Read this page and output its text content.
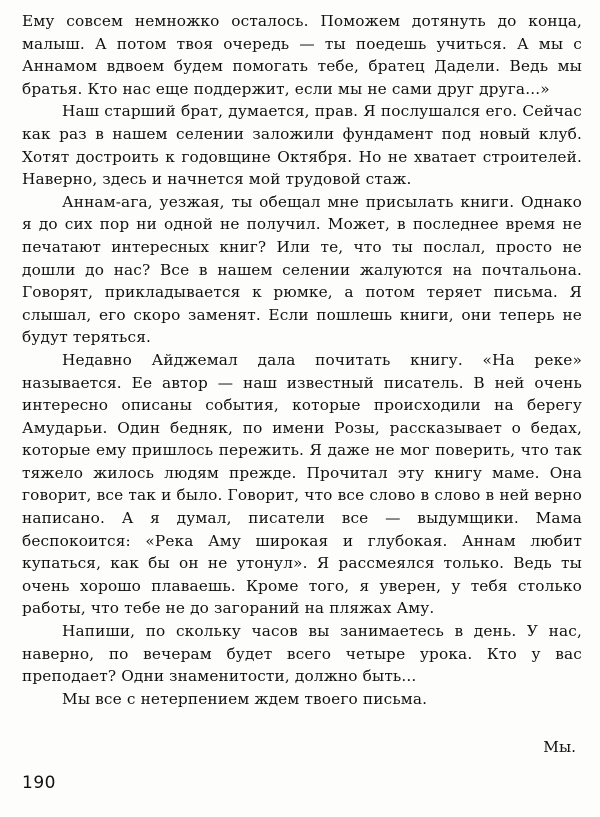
Ему совсем немножко осталось. Поможем дотянуть до конца, малыш. А потом твоя очередь — ты поедешь учиться. А мы с Аннамом вдвоем будем помогать тебе, братец Дадели. Ведь мы братья. Кто нас еще поддержит, если мы не сами друг друга...»

Наш старший брат, думается, прав. Я послушался его. Сейчас как раз в нашем селении заложили фундамент под новый клуб. Хотят достроить к годовщине Октября. Но не хватает строителей. Наверно, здесь и начнется мой трудовой стаж.

Аннам-ага, уезжая, ты обещал мне присылать книги. Однако я до сих пор ни одной не получил. Может, в последнее время не печатают интересных книг? Или те, что ты послал, просто не дошли до нас? Все в нашем селении жалуются на почтальона. Говорят, прикладывается к рюмке, а потом теряет письма. Я слышал, его скоро заменят. Если пошлешь книги, они теперь не будут теряться.

Недавно Айджемал дала почитать книгу. «На реке» называется. Ее автор — наш известный писатель. В ней очень интересно описаны события, которые происходили на берегу Амударьи. Один бедняк, по имени Розы, рассказывает о бедах, которые ему пришлось пережить. Я даже не мог поверить, что так тяжело жилось людям прежде. Прочитал эту книгу маме. Она говорит, все так и было. Говорит, что все слово в слово в ней верно написано. А я думал, писатели все — выдумщики. Мама беспокоится: «Река Аму широкая и глубокая. Аннам любит купаться, как бы он не утонул». Я рассмеялся только. Ведь ты очень хорошо плаваешь. Кроме того, я уверен, у тебя столько работы, что тебе не до загораний на пляжах Аму.

Напиши, по скольку часов вы занимаетесь в день. У нас, наверно, по вечерам будет всего четыре урока. Кто у вас преподает? Одни знаменитости, должно быть...

Мы все с нетерпением ждем твоего письма.

Мы.
190
